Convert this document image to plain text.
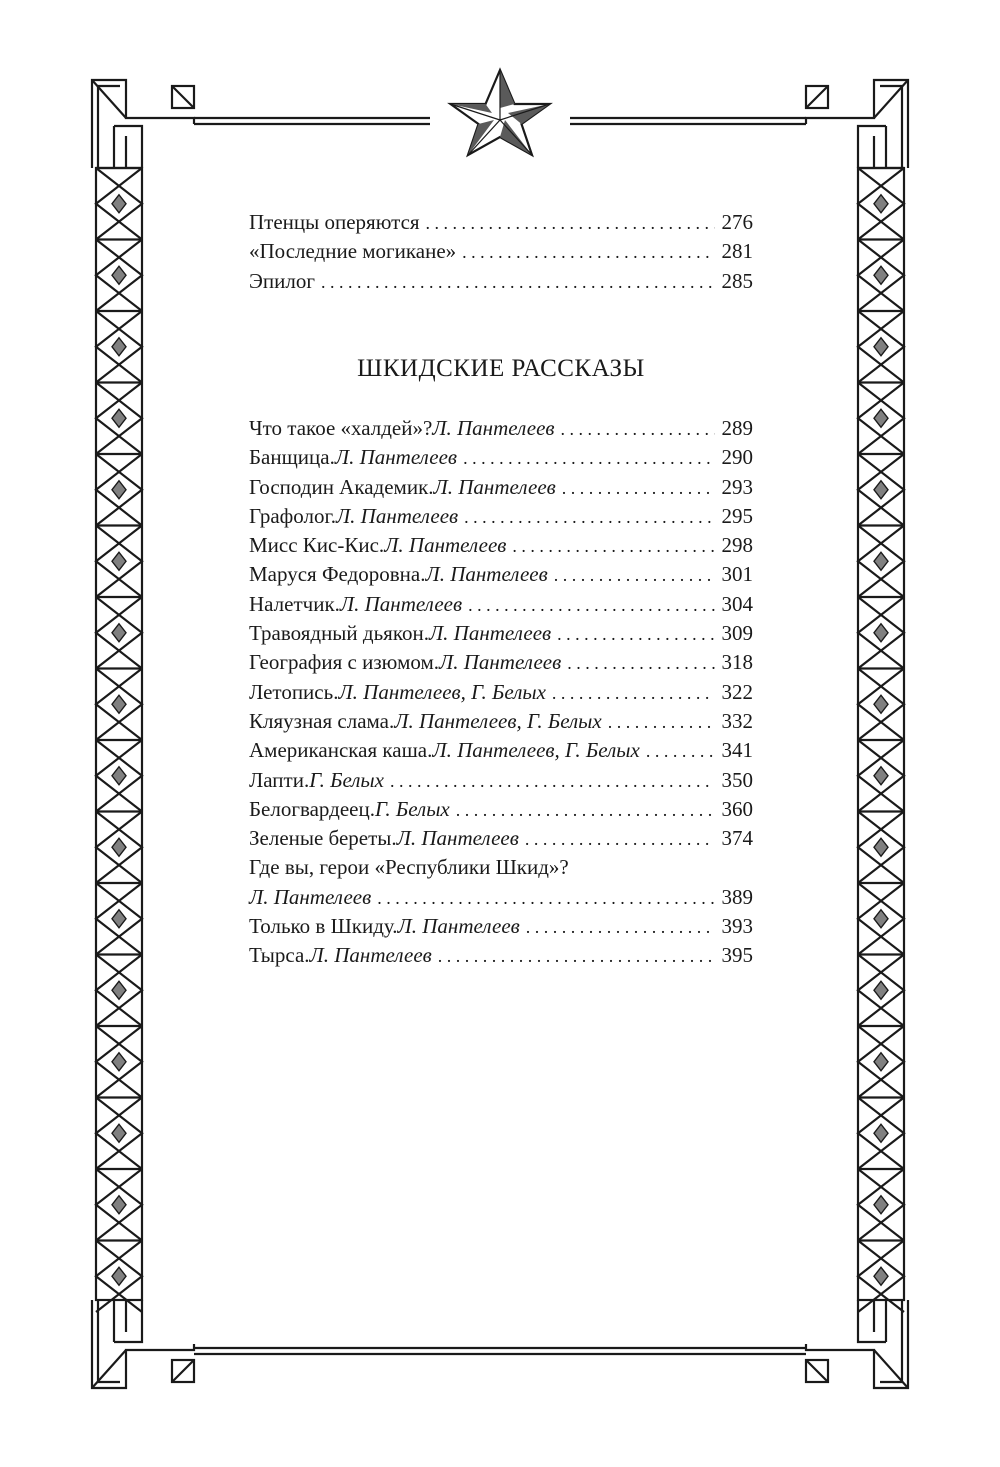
Птенцы оперяются . . .	276
«Последние могикане» . . .	281
Эпилог . . .	285
ШКИДСКИЕ РАССКАЗЫ
Что такое «халдей»? Л. Пантелеев . . .	289
Банщица. Л. Пантелеев . . .	290
Господин Академик. Л. Пантелеев . . .	293
Графолог. Л. Пантелеев . . .	295
Мисс Кис-Кис. Л. Пантелеев . . .	298
Маруся Федоровна. Л. Пантелеев . . .	301
Налетчик. Л. Пантелеев . . .	304
Травоядный дьякон. Л. Пантелеев . . .	309
География с изюмом. Л. Пантелеев . . .	318
Летопись. Л. Пантелеев, Г. Белых . . .	322
Кляузная слама. Л. Пантелеев, Г. Белых . . .	332
Американская каша. Л. Пантелеев, Г. Белых . . .	341
Лапти. Г. Белых . . .	350
Белогвардеец. Г. Белых . . .	360
Зеленые береты. Л. Пантелеев . . .	374
Где вы, герои «Республики Шкид»?
Л. Пантелеев . . .	389
Только в Шкиду. Л. Пантелеев . . .	393
Тырса. Л. Пантелеев . . .	395
